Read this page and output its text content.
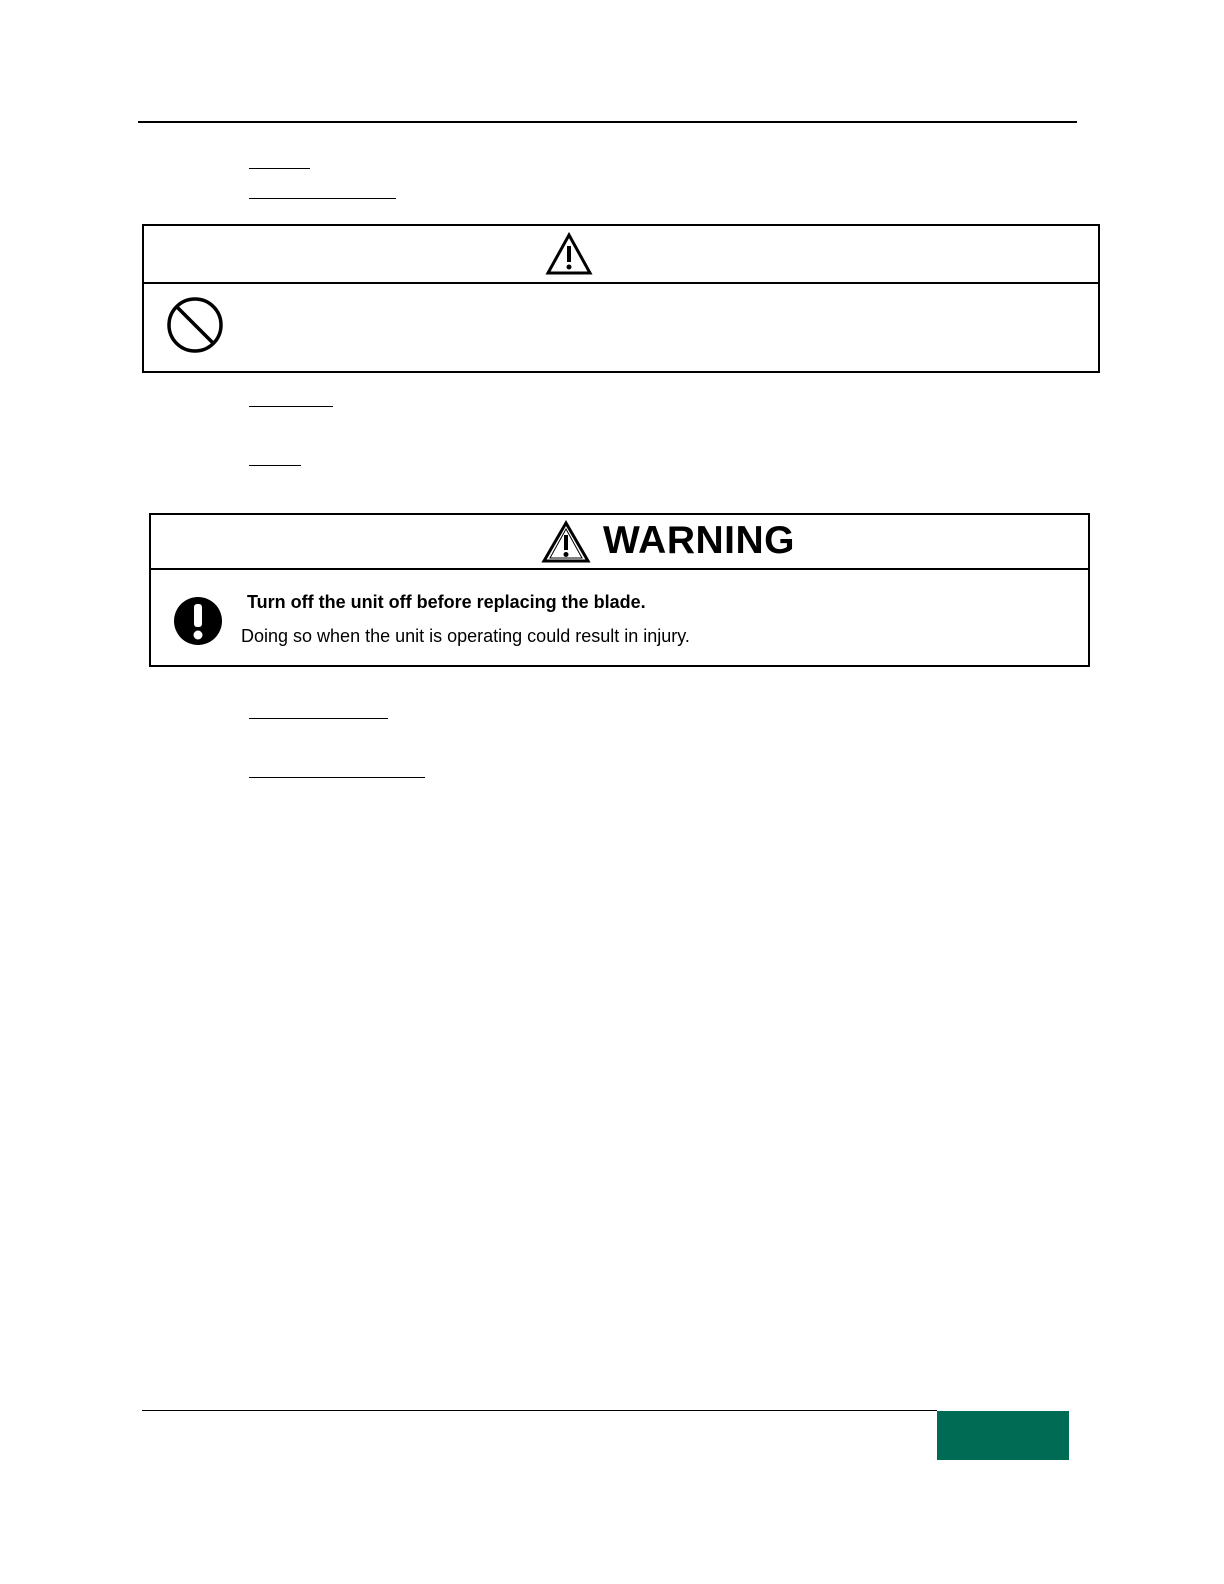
WARNING
Turn off the unit off before replacing the blade.
Doing so when the unit is operating could result in injury.
